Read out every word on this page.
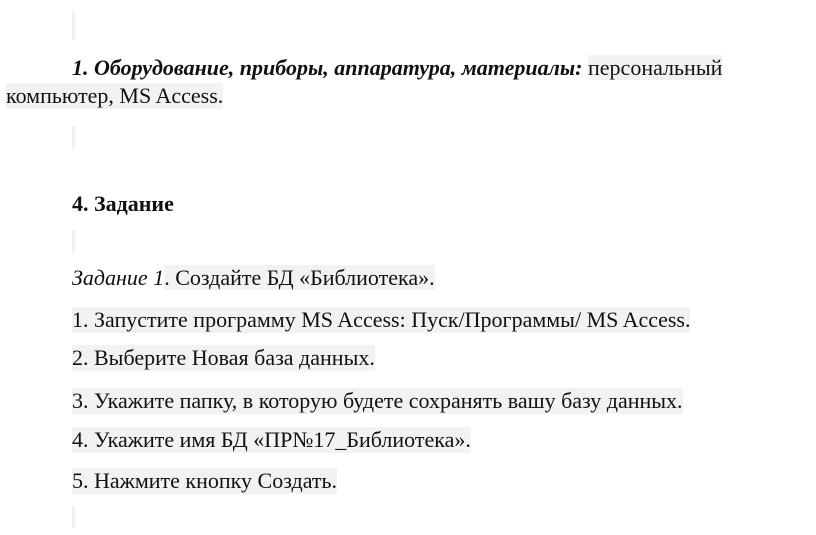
1. Оборудование, приборы, аппаратура, материалы: персональный
компьютер, MS Access.
4. Задание
Задание 1. Создайте БД «Библиотека».
1. Запустите программу MS Access: Пуск/Программы/ MS Access.
2. Выберите Новая база данных.
3. Укажите папку, в которую будете сохранять вашу базу данных.
4. Укажите имя БД «ПР№17_Библиотека».
5. Нажмите кнопку Создать.
